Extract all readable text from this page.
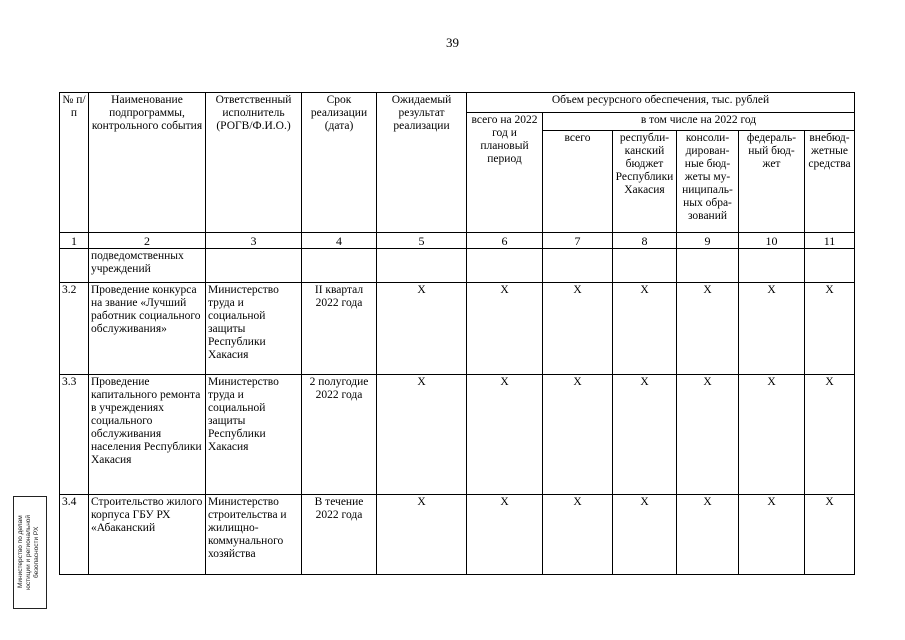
39
№ п/п	Наименование подпрограммы, контрольного события	Ответственный исполнитель (РОГВ/Ф.И.О.)	Срок реализации (дата)	Ожидаемый результат реализации	Объем ресурсного обеспечения, тыс. рублей					
					всего на 2022 год и плановый период	в том числе на 2022 год				
						всего	республи-канский бюджет Республики Хакасия	консоли-дирован-ные бюд-жеты му-ниципаль-ных обра-зований	федераль-ный бюд-жет	внебюд-жетные средства
1	2	3	4	5	6	7	8	9	10	11
	подведомственных учреждений									
3.2	Проведение конкурса на звание «Лучший работник социального обслуживания»	Министерство труда и социальной защиты Республики Хакасия	II квартал 2022 года	X	X	X	X	X	X	X
3.3	Проведение капитального ремонта в учреждениях социального обслуживания населения Республики Хакасия	Министерство труда и социальной защиты Республики Хакасия	2 полугодие 2022 года	X	X	X	X	X	X	X
3.4	Строительство жилого корпуса ГБУ РХ «Абаканский	Министерство строительства и жилищно-коммунального хозяйства	В течение 2022 года	X	X	X	X	X	X	X
Министерство по делам юстиции и региональной безопасности РХ
